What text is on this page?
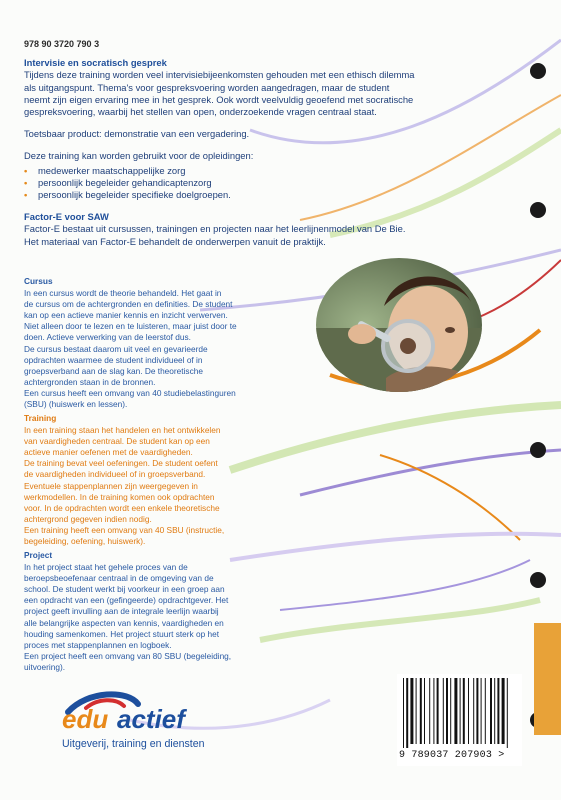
978 90 3720 790 3
Intervisie en socratisch gesprek

Tijdens deze training worden veel intervisiebijeenkomsten gehouden met een ethisch dilemma

als uitgangspunt. Thema's voor gespreksvoering worden aangedragen, maar de student

neemt zijn eigen ervaring mee in het gesprek. Ook wordt veelvuldig geoefend met socratische

gespreksvoering, waarbij het stellen van open, onderzoekende vragen centraal staat.

Toetsbaar product: demonstratie van een vergadering.

Deze training kan worden gebruikt voor de opleidingen:

• medewerker maatschappelijke zorg
• persoonlijk begeleider gehandicaptenzorg
• persoonlijk begeleider specifieke doelgroepen.
Factor-E voor SAW

Factor-E bestaat uit cursussen, trainingen en projecten naar het leerlijnenmodel van De Bie.

Het materiaal van Factor-E behandelt de onderwerpen vanuit de praktijk.

Cursus
In een cursus wordt de theorie behandeld. Het gaat in
de cursus om de achtergronden en definities. De student
kan op een actieve manier kennis en inzicht verwerven.
Niet alleen door te lezen en te luisteren, maar juist door te
doen. Actieve verwerking van de leerstof dus.
De cursus bestaat daarom uit veel en gevarieerde
opdrachten waarmee de student individueel of in
groepsverband aan de slag kan. De theoretische
achtergronden staan in de bronnen.
Een cursus heeft een omvang van 40 studiebelastinguren
(SBU) (huiswerk en lessen).
Training
In een training staan het handelen en het ontwikkelen
van vaardigheden centraal. De student kan op een
actieve manier oefenen met de vaardigheden.
De training bevat veel oefeningen. De student oefent
de vaardigheden individueel of in groepsverband.
Eventuele stappenplannen zijn weergegeven in
werkmodellen. In de training komen ook opdrachten
voor. In de opdrachten wordt een enkele theoretische
achtergrond gegeven indien nodig.
Een training heeft een omvang van 40 SBU (instructie,
begeleiding, oefening, huiswerk).
Project
In het project staat het gehele proces van de
beroepsbeoefenaar centraal in de omgeving van de
school. De student werkt bij voorkeur in een groep aan
een opdracht van een (gefingeerde) opdrachtgever. Het
project geeft invulling aan de integrale leerlijn waarbij
alle belangrijke aspecten van kennis, vaardigheden en
houding samenkomen. Het project stuurt sterk op het
proces met stappenplannen en logboek.
Een project heeft een omvang van 80 SBU (begeleiding,
uitvoering).
9 789037 207903 >
edu actief
Uitgeverij, training en diensten
